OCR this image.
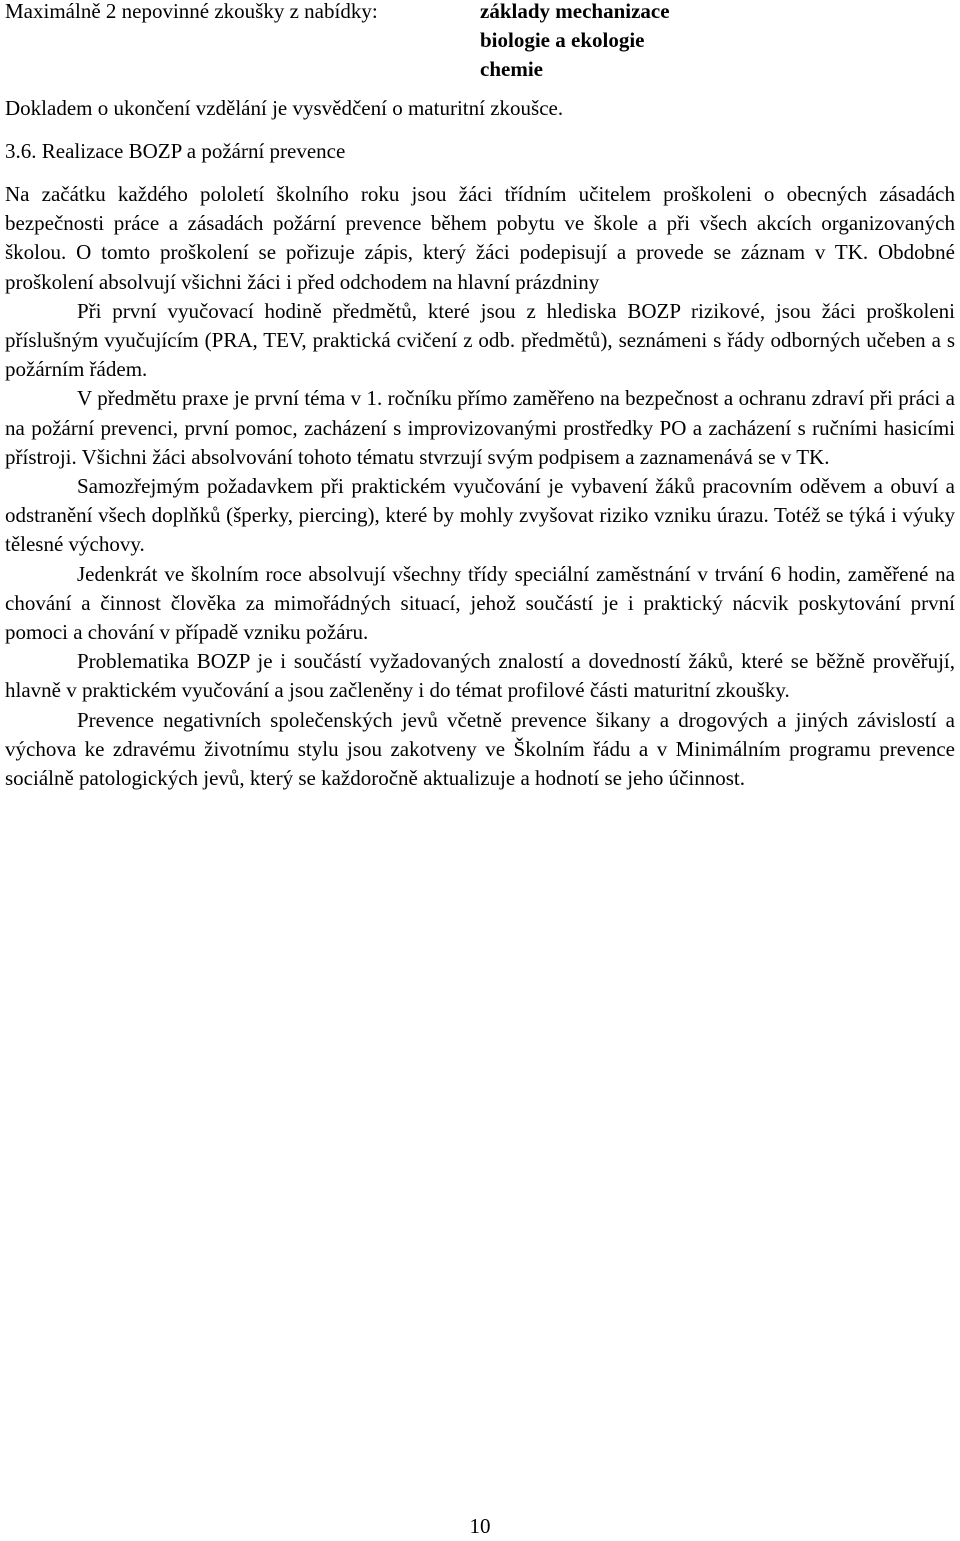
Maximálně 2 nepovinné zkoušky z nabídky:	základy mechanizace
biologie a ekologie
chemie
Dokladem o ukončení vzdělání je vysvědčení o maturitní zkoušce.
3.6. Realizace BOZP a požární prevence

Na začátku každého pololetí školního roku jsou žáci třídním učitelem proškoleni o obecných zásadách bezpečnosti práce a zásadách požární prevence během pobytu ve škole a při všech akcích organizovaných školou. O tomto proškolení se pořizuje zápis, který žáci podepisují a provede se záznam v TK. Obdobné proškolení absolvují všichni žáci i před odchodem na hlavní prázdniny

Při první vyučovací hodině předmětů, které jsou z hlediska BOZP rizikové, jsou žáci proškoleni příslušným vyučujícím (PRA, TEV, praktická cvičení z odb. předmětů), seznámeni s řády odborných učeben a s požárním řádem.

V předmětu praxe je první téma v 1. ročníku přímo zaměřeno na bezpečnost a ochranu zdraví při práci a na požární prevenci, první pomoc, zacházení s improvizovanými prostředky PO a zacházení s ručními hasicími přístroji. Všichni žáci absolvování tohoto tématu stvrzují svým podpisem a zaznamenává se v TK.

Samozřejmým požadavkem při praktickém vyučování je vybavení žáků pracovním oděvem a obuví a odstranění všech doplňků (šperky, piercing), které by mohly zvyšovat riziko vzniku úrazu. Totéž se týká i výuky tělesné výchovy.

Jedenkrát ve školním roce absolvují všechny třídy speciální zaměstnání v trvání 6 hodin, zaměřené na chování a činnost člověka za mimořádných situací, jehož součástí je i praktický nácvik poskytování první pomoci a chování v případě vzniku požáru.

Problematika BOZP je i součástí vyžadovaných znalostí a dovedností žáků, které se běžně prověřují, hlavně v praktickém vyučování a jsou začleněny i do témat profilové části maturitní zkoušky.

Prevence negativních společenských jevů včetně prevence šikany a drogových a jiných závislostí a výchova ke zdravému životnímu stylu jsou zakotveny ve Školním řádu a v Minimálním programu prevence sociálně patologických jevů, který se každoročně aktualizuje a hodnotí se jeho účinnost.

10
